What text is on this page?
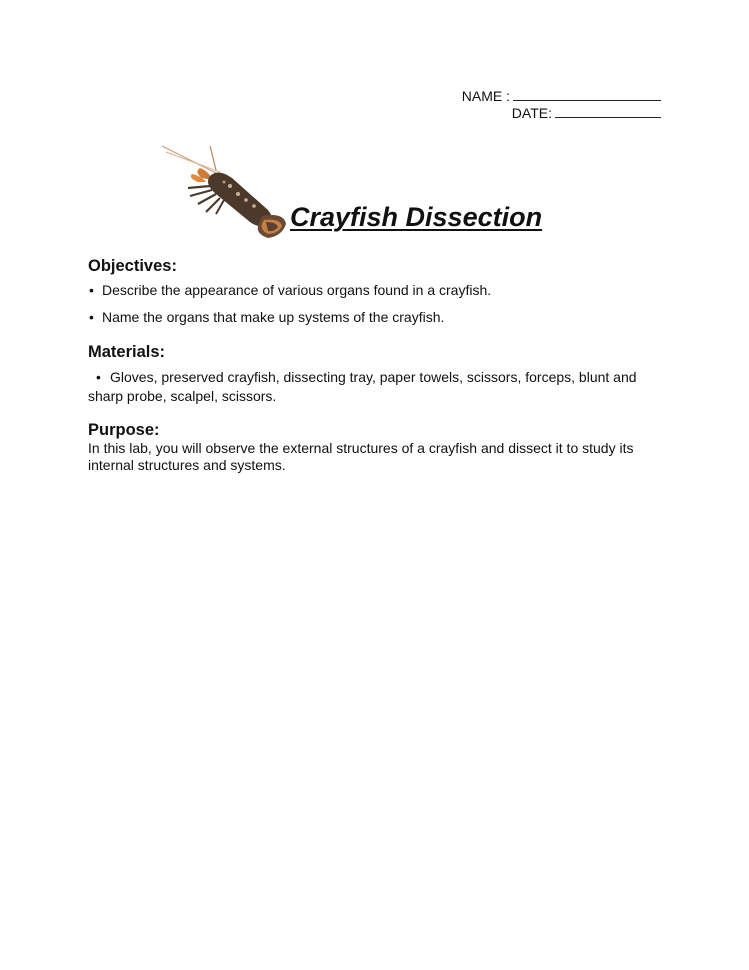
NAME :
DATE:
Crayfish Dissection
Objectives:
• Describe the appearance of various organs found in a crayfish.
• Name the organs that make up systems of the crayfish.
Materials:
• Gloves, preserved crayfish, dissecting tray, paper towels, scissors, forceps, blunt and sharp probe, scalpel, scissors.
Purpose:
In this lab, you will observe the external structures of a crayfish and dissect it to study its internal structures and systems.
